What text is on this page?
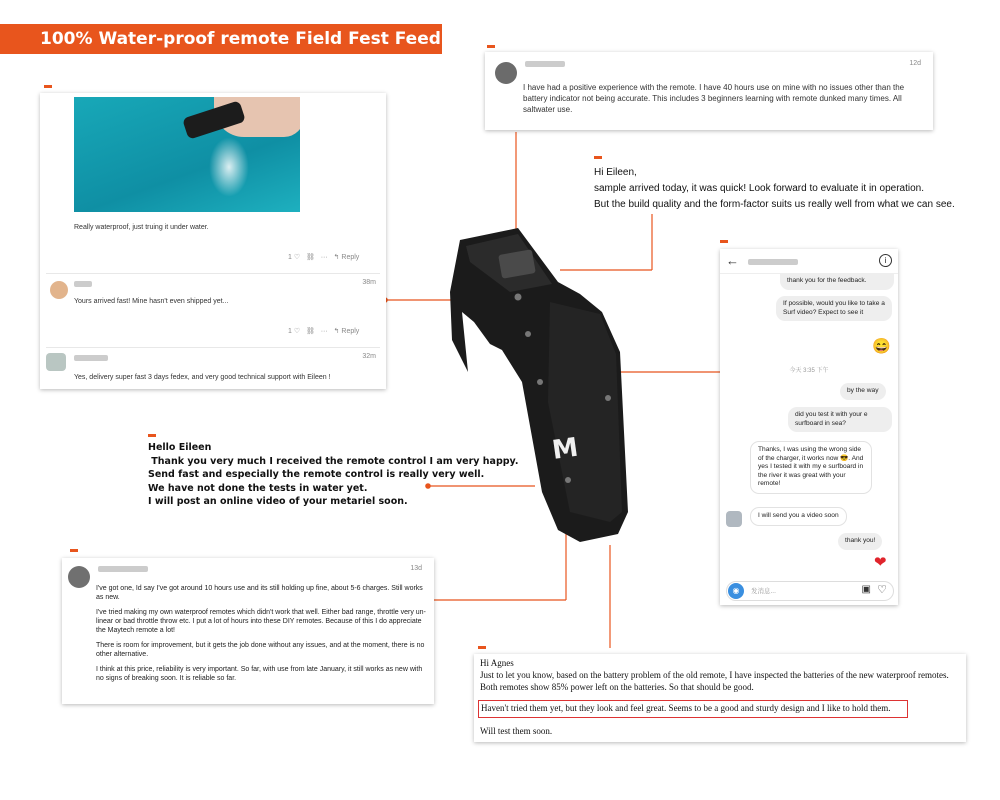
100% Water-proof remote Field Fest Feedback
12d
I have had a positive experience with the remote. I have 40 hours use on mine with no issues other than the battery indicator not being accurate. This includes 3 beginners learning with remote dunked many times. All saltwater use.
Hi Eileen,
sample arrived today, it was quick! Look forward to evaluate it in operation.
But the build quality and the form-factor suits us really well from what we can see.
Really waterproof, just truing it under water.
1 ♡ ⛓ ··· ↰ Reply
38m
Yours arrived fast! Mine hasn't even shipped yet...
1 ♡ ⛓ ··· ↰ Reply
32m
Yes, delivery super fast 3 days fedex, and very good technical support with Eileen !
Hello Eileen
Thank you very much I received the remote control I am very happy.
Send fast and especially the remote control is really very well.
We have not done the tests in water yet.
I will post an online video of your metariel soon.
13d
I've got one, Id say I've got around 10 hours use and its still holding up fine, about 5-6 charges. Still works as new.
I've tried making my own waterproof remotes which didn't work that well. Either bad range, throttle very un-linear or bad throttle throw etc. I put a lot of hours into these DIY remotes. Because of this I do appreciate the Maytech remote a lot!
There is room for improvement, but it gets the job done without any issues, and at the moment, there is no other alternative.
I think at this price, reliability is very important. So far, with use from late January, it still works as new with no signs of breaking soon. It is reliable so far.
M
←	i
thank you for the feedback.
If possible, would you like to take a Surf video? Expect to see it
😄
今天 3:35 下午
by the way
did you test it with your e surfboard in sea?
Thanks, I was using the wrong side of the charger, it works now 😎. And yes I tested it with my e surfboard in the river it was great with your remote!
I will send you a video soon
thank you!
❤
◉	发消息...	▣ ♡
Hi Agnes
Just to let you know, based on the battery problem of the old remote, I have inspected the batteries of the new waterproof remotes.
Both remotes show 85% power left on the batteries. So that should be good.
Haven't tried them yet, but they look and feel great. Seems to be a good and sturdy design and I like to hold them.
Will test them soon.
